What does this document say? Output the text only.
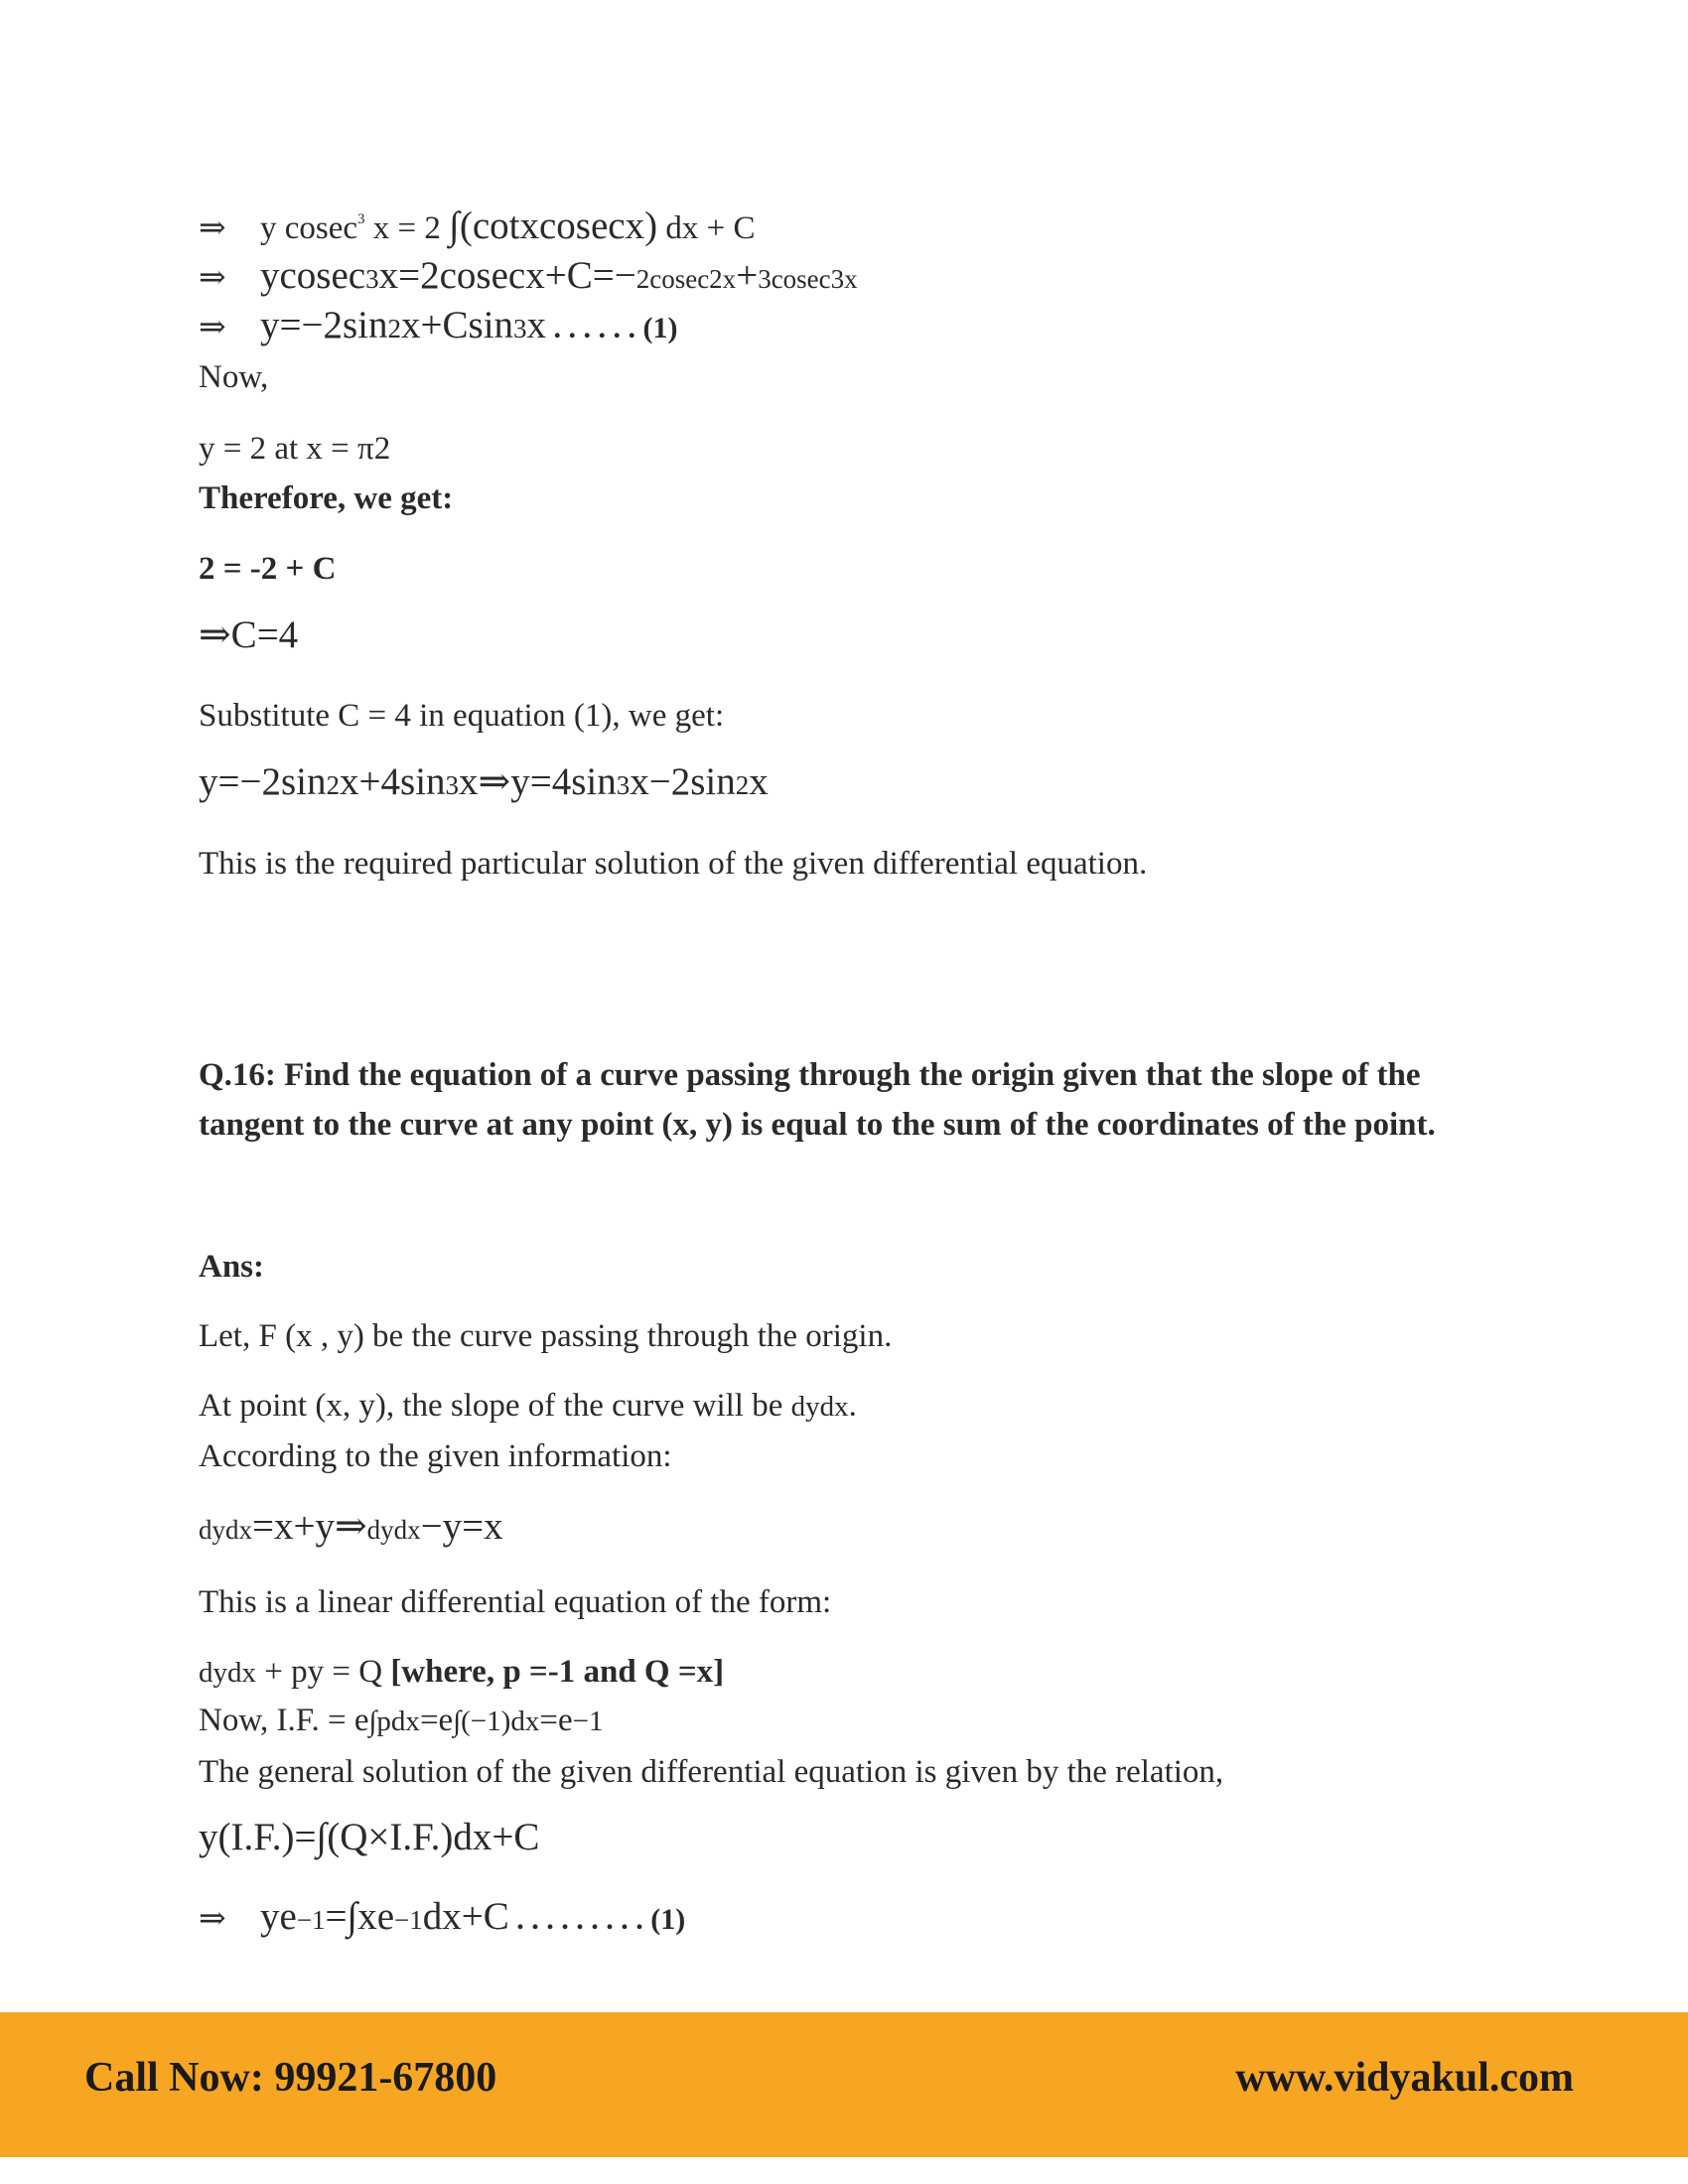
⇒ y cosec$^3$ x = 2 ∫(cotxcosecx) dx + C
⇒ ycosec3x=2cosecx+C=−2cosec2x+3cosec3x
⇒ y=−2sin2x+Csin3x . . . . . . (1)
Now,
y = 2 at x = π2
Therefore, we get:
2 = -2 + C
⇒C=4
Substitute C = 4 in equation (1), we get:
y=−2sin2x+4sin3x⇒y=4sin3x−2sin2x
This is the required particular solution of the given differential equation.
Q.16: Find the equation of a curve passing through the origin given that the slope of the tangent to the curve at any point (x, y) is equal to the sum of the coordinates of the point.
Ans:
Let, F (x , y) be the curve passing through the origin.
At point (x, y), the slope of the curve will be dydx.
According to the given information:
dydx=x+y⇒dydx−y=x
This is a linear differential equation of the form:
dydx + py = Q [where, p =-1 and Q =x]
Now, I.F. = e∫pdx=e∫(−1)dx=e−1
The general solution of the given differential equation is given by the relation,
y(I.F.)=∫(Q×I.F.)dx+C
⇒ ye−1=∫xe−1dx+C . . . . . . . . . (1)
Call Now: 99921-67800	www.vidyakul.com
